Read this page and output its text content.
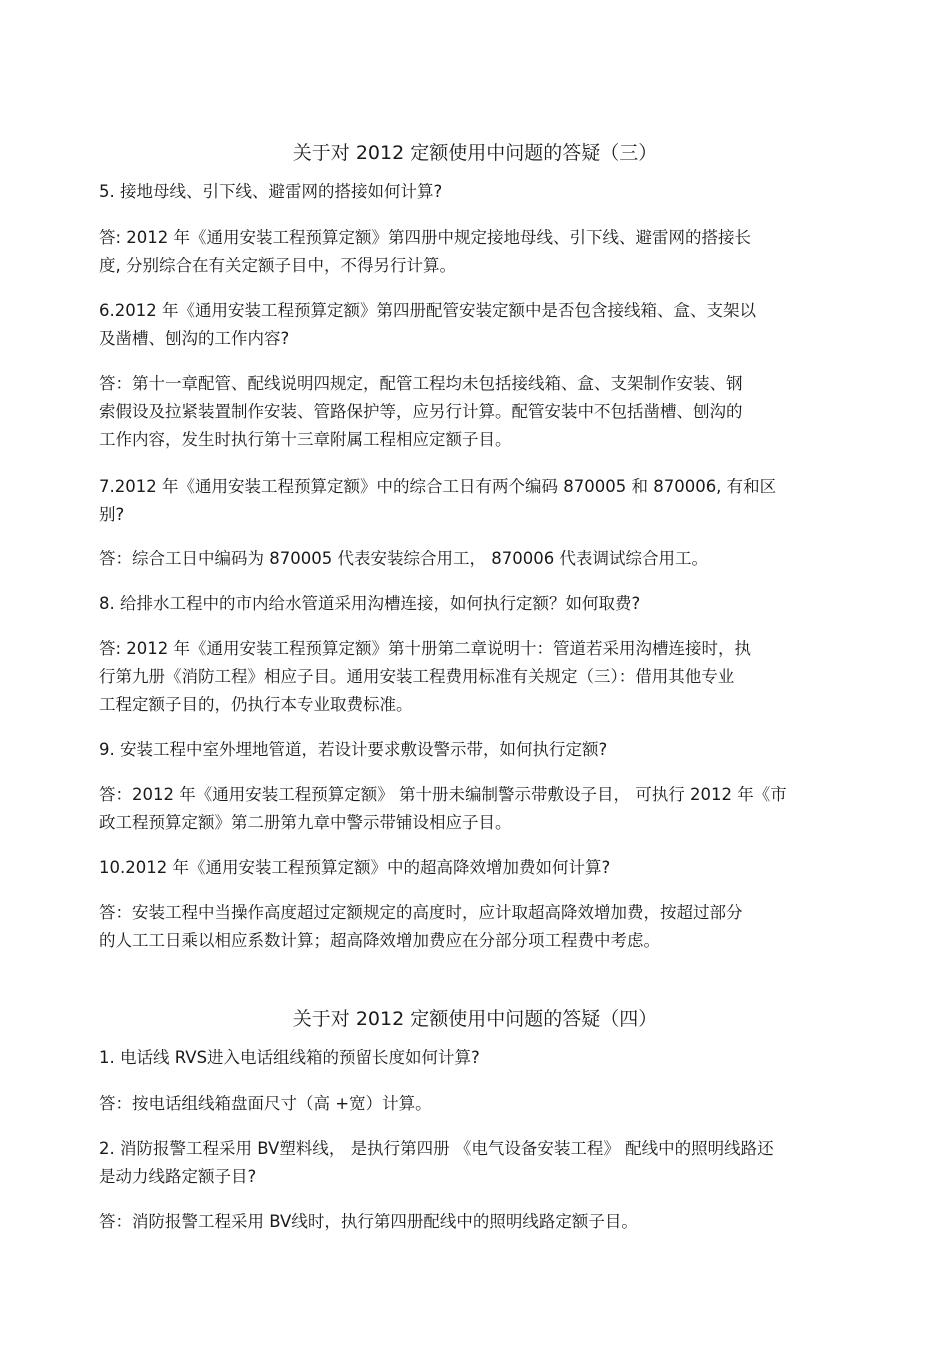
关于对 2012 定额使用中问题的答疑（三）
5. 接地母线、引下线、避雷网的搭接如何计算?
答: 2012 年《通用安装工程预算定额》第四册中规定接地母线、引下线、避雷网的搭接长
度, 分别综合在有关定额子目中，不得另行计算。
6.2012 年《通用安装工程预算定额》第四册配管安装定额中是否包含接线箱、盒、支架以
及凿槽、刨沟的工作内容?
答：第十一章配管、配线说明四规定，配管工程均未包括接线箱、盒、支架制作安装、钢
索假设及拉紧装置制作安装、管路保护等，应另行计算。配管安装中不包括凿槽、刨沟的
工作内容，发生时执行第十三章附属工程相应定额子目。
7.2012 年《通用安装工程预算定额》中的综合工日有两个编码 870005 和 870006, 有和区
别?
答：综合工日中编码为 870005 代表安装综合用工， 870006 代表调试综合用工。
8. 给排水工程中的市内给水管道采用沟槽连接，如何执行定额？如何取费?
答: 2012 年《通用安装工程预算定额》第十册第二章说明十：管道若采用沟槽连接时，执
行第九册《消防工程》相应子目。通用安装工程费用标准有关规定（三）：借用其他专业
工程定额子目的，仍执行本专业取费标准。
9. 安装工程中室外埋地管道，若设计要求敷设警示带，如何执行定额?
答：2012 年《通用安装工程预算定额》 第十册未编制警示带敷设子目， 可执行 2012 年《市
政工程预算定额》第二册第九章中警示带铺设相应子目。
10.2012 年《通用安装工程预算定额》中的超高降效增加费如何计算?
答：安装工程中当操作高度超过定额规定的高度时，应计取超高降效增加费，按超过部分
的人工工日乘以相应系数计算；超高降效增加费应在分部分项工程费中考虑。
关于对 2012 定额使用中问题的答疑（四）
1. 电话线 RVS进入电话组线箱的预留长度如何计算?
答：按电话组线箱盘面尺寸（高 +宽）计算。
2. 消防报警工程采用 BV塑料线， 是执行第四册 《电气设备安装工程》 配线中的照明线路还
是动力线路定额子目?
答：消防报警工程采用 BV线时，执行第四册配线中的照明线路定额子目。
